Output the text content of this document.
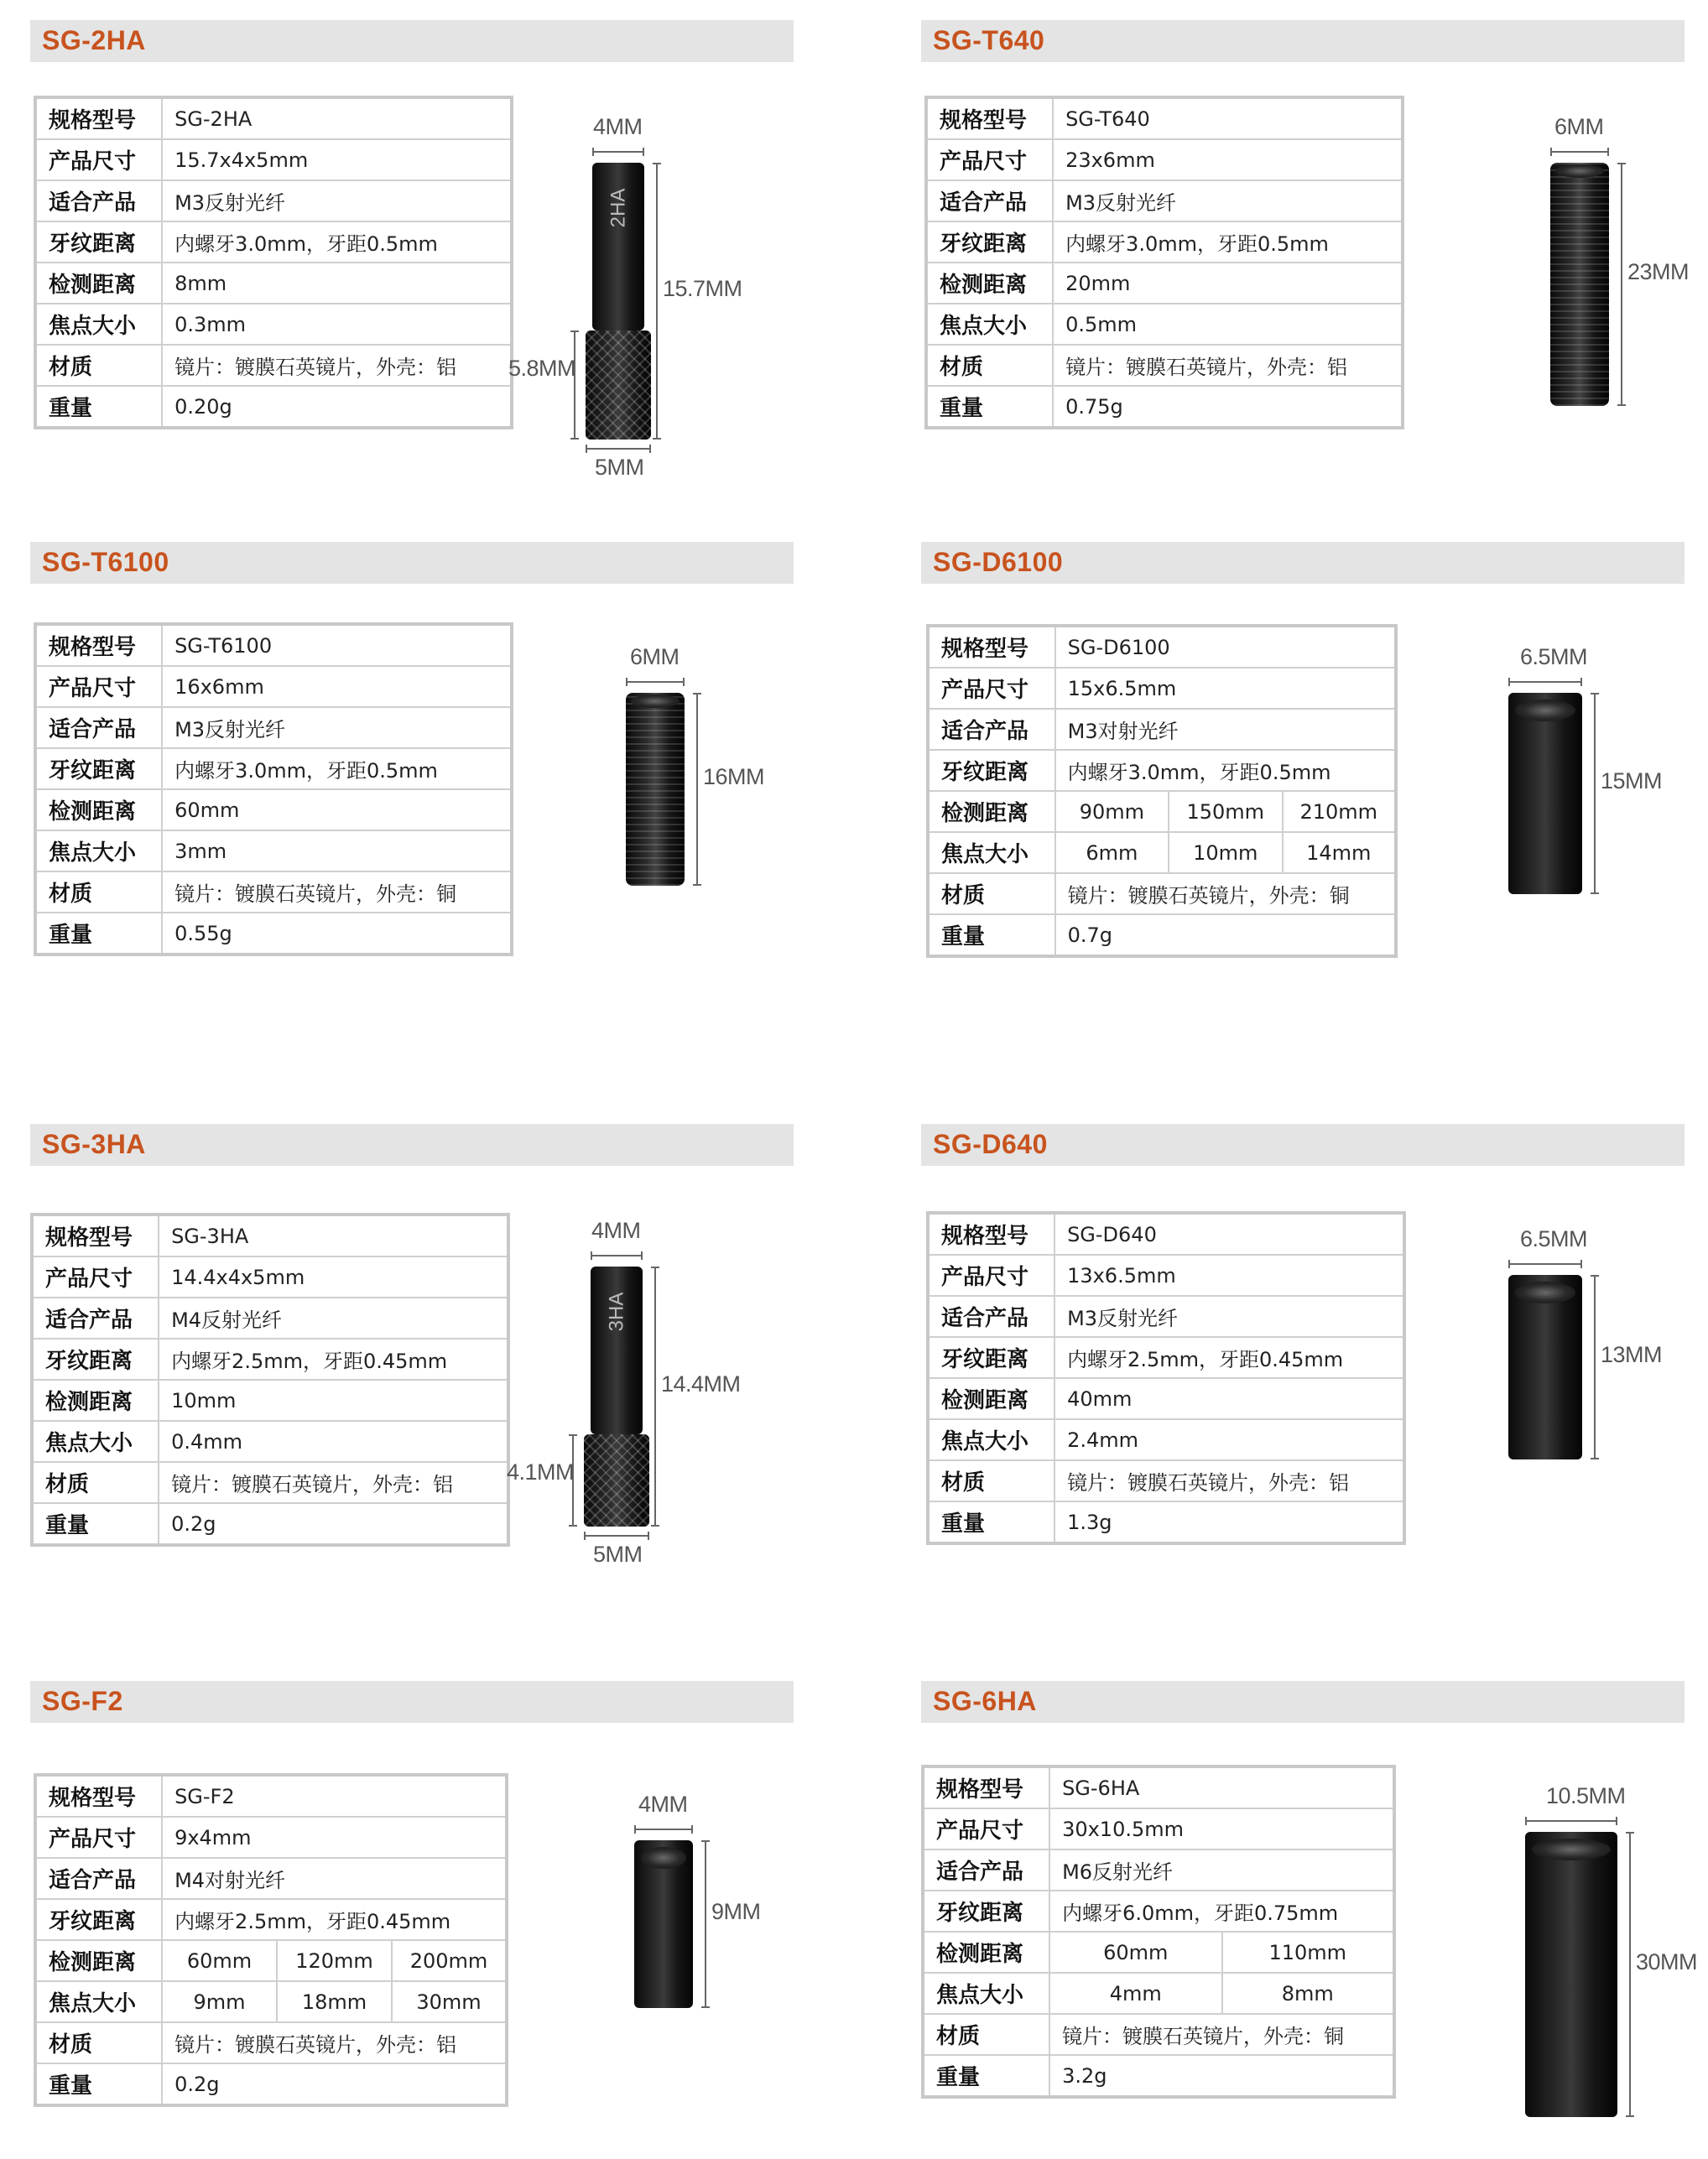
SG-2HA
规格型号	SG-2HA
产品尺寸	15.7x4x5mm
适合产品	M3反射光纤
牙纹距离	内螺牙3.0mm，牙距0.5mm
检测距离	8mm
焦点大小	0.3mm
材质	镜片：镀膜石英镜片，外壳：铝
重量	0.20g
4MM
2HA
5.8MM
5MM
15.7MM
SG-T640
规格型号	SG-T640
产品尺寸	23x6mm
适合产品	M3反射光纤
牙纹距离	内螺牙3.0mm，牙距0.5mm
检测距离	20mm
焦点大小	0.5mm
材质	镜片：镀膜石英镜片，外壳：铝
重量	0.75g
6MM
23MM
SG-T6100
规格型号	SG-T6100
产品尺寸	16x6mm
适合产品	M3反射光纤
牙纹距离	内螺牙3.0mm，牙距0.5mm
检测距离	60mm
焦点大小	3mm
材质	镜片：镀膜石英镜片，外壳：铜
重量	0.55g
6MM
16MM
SG-D6100
规格型号	SG-D6100		
产品尺寸	15x6.5mm		
适合产品	M3对射光纤		
牙纹距离	内螺牙3.0mm，牙距0.5mm		
检测距离	90mm	150mm	210mm
焦点大小	6mm	10mm	14mm
材质	镜片：镀膜石英镜片，外壳：铜		
重量	0.7g		
6.5MM
15MM
SG-3HA
规格型号	SG-3HA
产品尺寸	14.4x4x5mm
适合产品	M4反射光纤
牙纹距离	内螺牙2.5mm，牙距0.45mm
检测距离	10mm
焦点大小	0.4mm
材质	镜片：镀膜石英镜片，外壳：铝
重量	0.2g
4MM
3HA
4.1MM
5MM
14.4MM
SG-D640
规格型号	SG-D640
产品尺寸	13x6.5mm
适合产品	M3反射光纤
牙纹距离	内螺牙2.5mm，牙距0.45mm
检测距离	40mm
焦点大小	2.4mm
材质	镜片：镀膜石英镜片，外壳：铝
重量	1.3g
6.5MM
13MM
SG-F2
规格型号	SG-F2		
产品尺寸	9x4mm		
适合产品	M4对射光纤		
牙纹距离	内螺牙2.5mm，牙距0.45mm		
检测距离	60mm	120mm	200mm
焦点大小	9mm	18mm	30mm
材质	镜片：镀膜石英镜片，外壳：铝		
重量	0.2g		
4MM
9MM
SG-6HA
规格型号	SG-6HA	
产品尺寸	30x10.5mm	
适合产品	M6反射光纤	
牙纹距离	内螺牙6.0mm，牙距0.75mm	
检测距离	60mm	110mm
焦点大小	4mm	8mm
材质	镜片：镀膜石英镜片，外壳：铜	
重量	3.2g	
10.5MM
30MM
